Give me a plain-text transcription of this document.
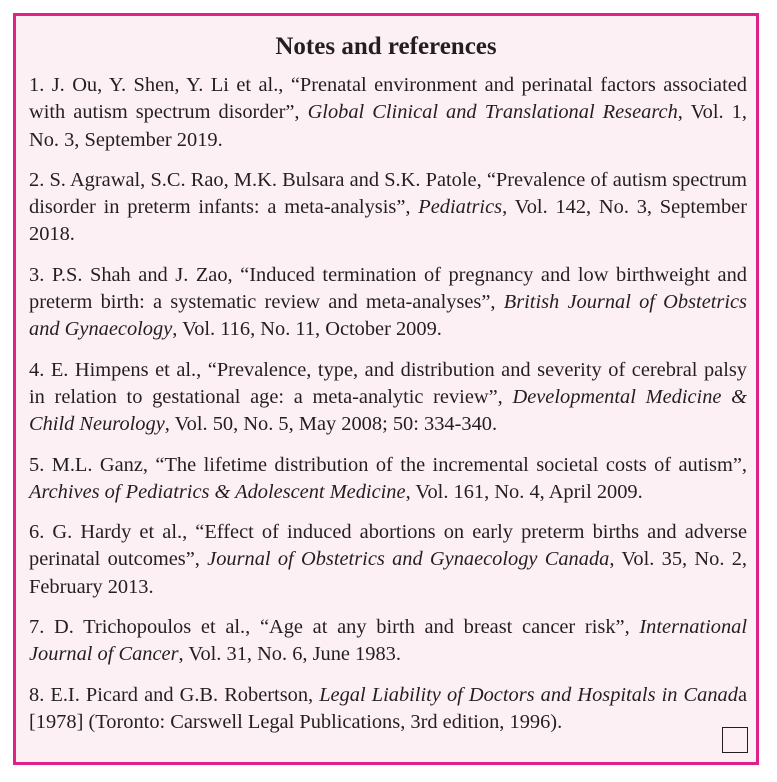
Notes and references

1. J. Ou, Y. Shen, Y. Li et al., “Prenatal environment and perinatal factors associated with autism spectrum disorder”, Global Clinical and Translational Research, Vol. 1, No. 3, September 2019.

2. S. Agrawal, S.C. Rao, M.K. Bulsara and S.K. Patole, “Prevalence of autism spectrum disorder in preterm infants: a meta-analysis”, Pediatrics, Vol. 142, No. 3, September 2018.

3. P.S. Shah and J. Zao, “Induced termination of pregnancy and low birthweight and preterm birth: a systematic review and meta-analyses”, British Journal of Obstetrics and Gynaecology, Vol. 116, No. 11, October 2009.

4. E. Himpens et al., “Prevalence, type, and distribution and severity of cerebral palsy in relation to gestational age: a meta-analytic review”, Developmental Medicine & Child Neurology, Vol. 50, No. 5, May 2008; 50: 334-340.

5. M.L. Ganz, “The lifetime distribution of the incremental societal costs of autism”, Archives of Pediatrics & Adolescent Medicine, Vol. 161, No. 4, April 2009.

6. G. Hardy et al., “Effect of induced abortions on early preterm births and adverse perinatal outcomes”, Journal of Obstetrics and Gynaecology Canada, Vol. 35, No. 2, February 2013.

7. D. Trichopoulos et al., “Age at any birth and breast cancer risk”, International Journal of Cancer, Vol. 31, No. 6, June 1983.

8. E.I. Picard and G.B. Robertson, Legal Liability of Doctors and Hospitals in Canada [1978] (Toronto: Carswell Legal Publications, 3rd edition, 1996).
